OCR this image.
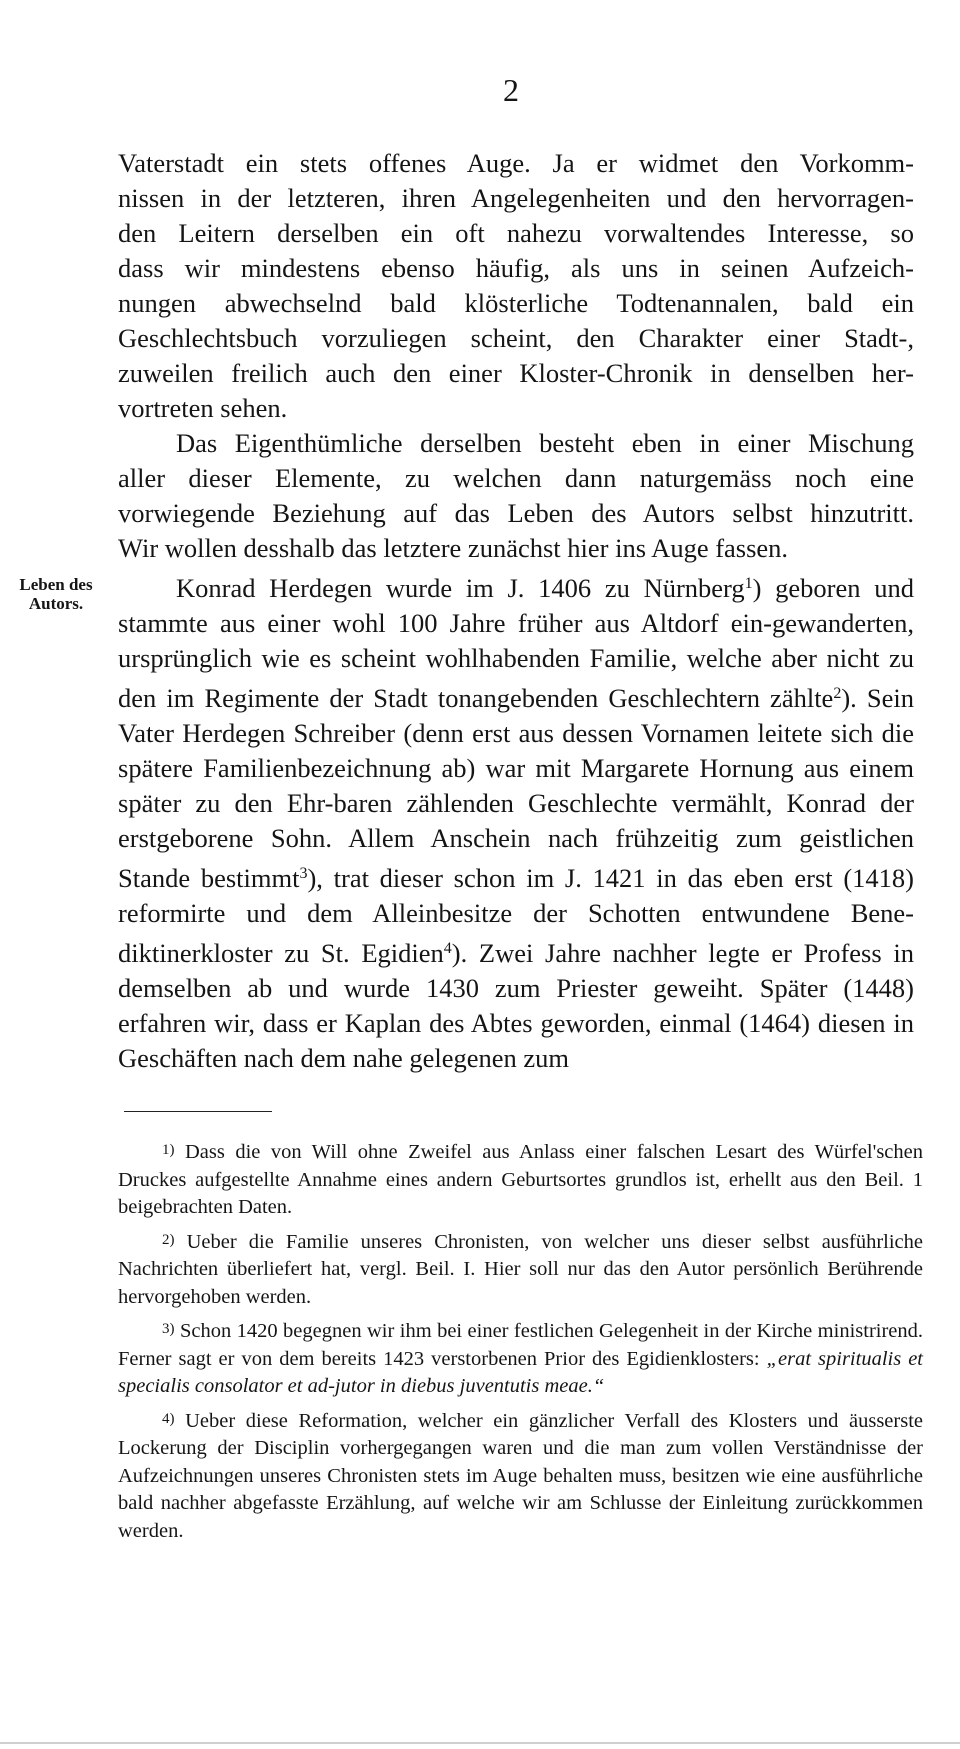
2
Leben des Autors.

Vaterstadt ein stets offenes Auge. Ja er widmet den Vorkomm-

nissen in der letzteren, ihren Angelegenheiten und den hervorragen-

den Leitern derselben ein oft nahezu vorwaltendes Interesse, so

dass wir mindestens ebenso häufig, als uns in seinen Aufzeich-

nungen abwechselnd bald klösterliche Todtenannalen, bald ein

Geschlechtsbuch vorzuliegen scheint, den Charakter einer Stadt-,

zuweilen freilich auch den einer Kloster-Chronik in denselben her-

vortreten sehen.

Das Eigenthümliche derselben besteht eben in einer Mischung

aller dieser Elemente, zu welchen dann naturgemäss noch eine

vorwiegende Beziehung auf das Leben des Autors selbst hinzutritt.

Wir wollen desshalb das letztere zunächst hier ins Auge fassen.

Konrad Herdegen wurde im J. 1406 zu Nürnberg$^1$) geboren und stammte aus einer wohl 100 Jahre früher aus Altdorf ein-gewanderten, ursprünglich wie es scheint wohlhabenden Familie, welche aber nicht zu den im Regimente der Stadt tonangebenden Geschlechtern zählte$^2$). Sein Vater Herdegen Schreiber (denn erst aus dessen Vornamen leitete sich die spätere Familienbezeichnung ab) war mit Margarete Hornung aus einem später zu den Ehr-baren zählenden Geschlechte vermählt, Konrad der erstgeborene Sohn. Allem Anschein nach frühzeitig zum geistlichen Stande bestimmt$^3$), trat dieser schon im J. 1421 in das eben erst (1418) reformirte und dem Alleinbesitze der Schotten entwundene Bene-diktinerkloster zu St. Egidien$^4$). Zwei Jahre nachher legte er Profess in demselben ab und wurde 1430 zum Priester geweiht. Später (1448) erfahren wir, dass er Kaplan des Abtes geworden, einmal (1464) diesen in Geschäften nach dem nahe gelegenen zum

1) Dass die von Will ohne Zweifel aus Anlass einer falschen Lesart des Würfel'schen Druckes aufgestellte Annahme eines andern Geburtsortes grundlos ist, erhellt aus den Beil. 1 beigebrachten Daten.

2) Ueber die Familie unseres Chronisten, von welcher uns dieser selbst ausführliche Nachrichten überliefert hat, vergl. Beil. I. Hier soll nur das den Autor persönlich Berührende hervorgehoben werden.

3) Schon 1420 begegnen wir ihm bei einer festlichen Gelegenheit in der Kirche ministrirend. Ferner sagt er von dem bereits 1423 verstorbenen Prior des Egidienklosters: „erat spiritualis et specialis consolator et ad-jutor in diebus juventutis meae.“

4) Ueber diese Reformation, welcher ein gänzlicher Verfall des Klosters und äusserste Lockerung der Disciplin vorhergegangen waren und die man zum vollen Verständnisse der Aufzeichnungen unseres Chronisten stets im Auge behalten muss, besitzen wie eine ausführliche bald nachher abgefasste Erzählung, auf welche wir am Schlusse der Einleitung zurückkommen werden.
